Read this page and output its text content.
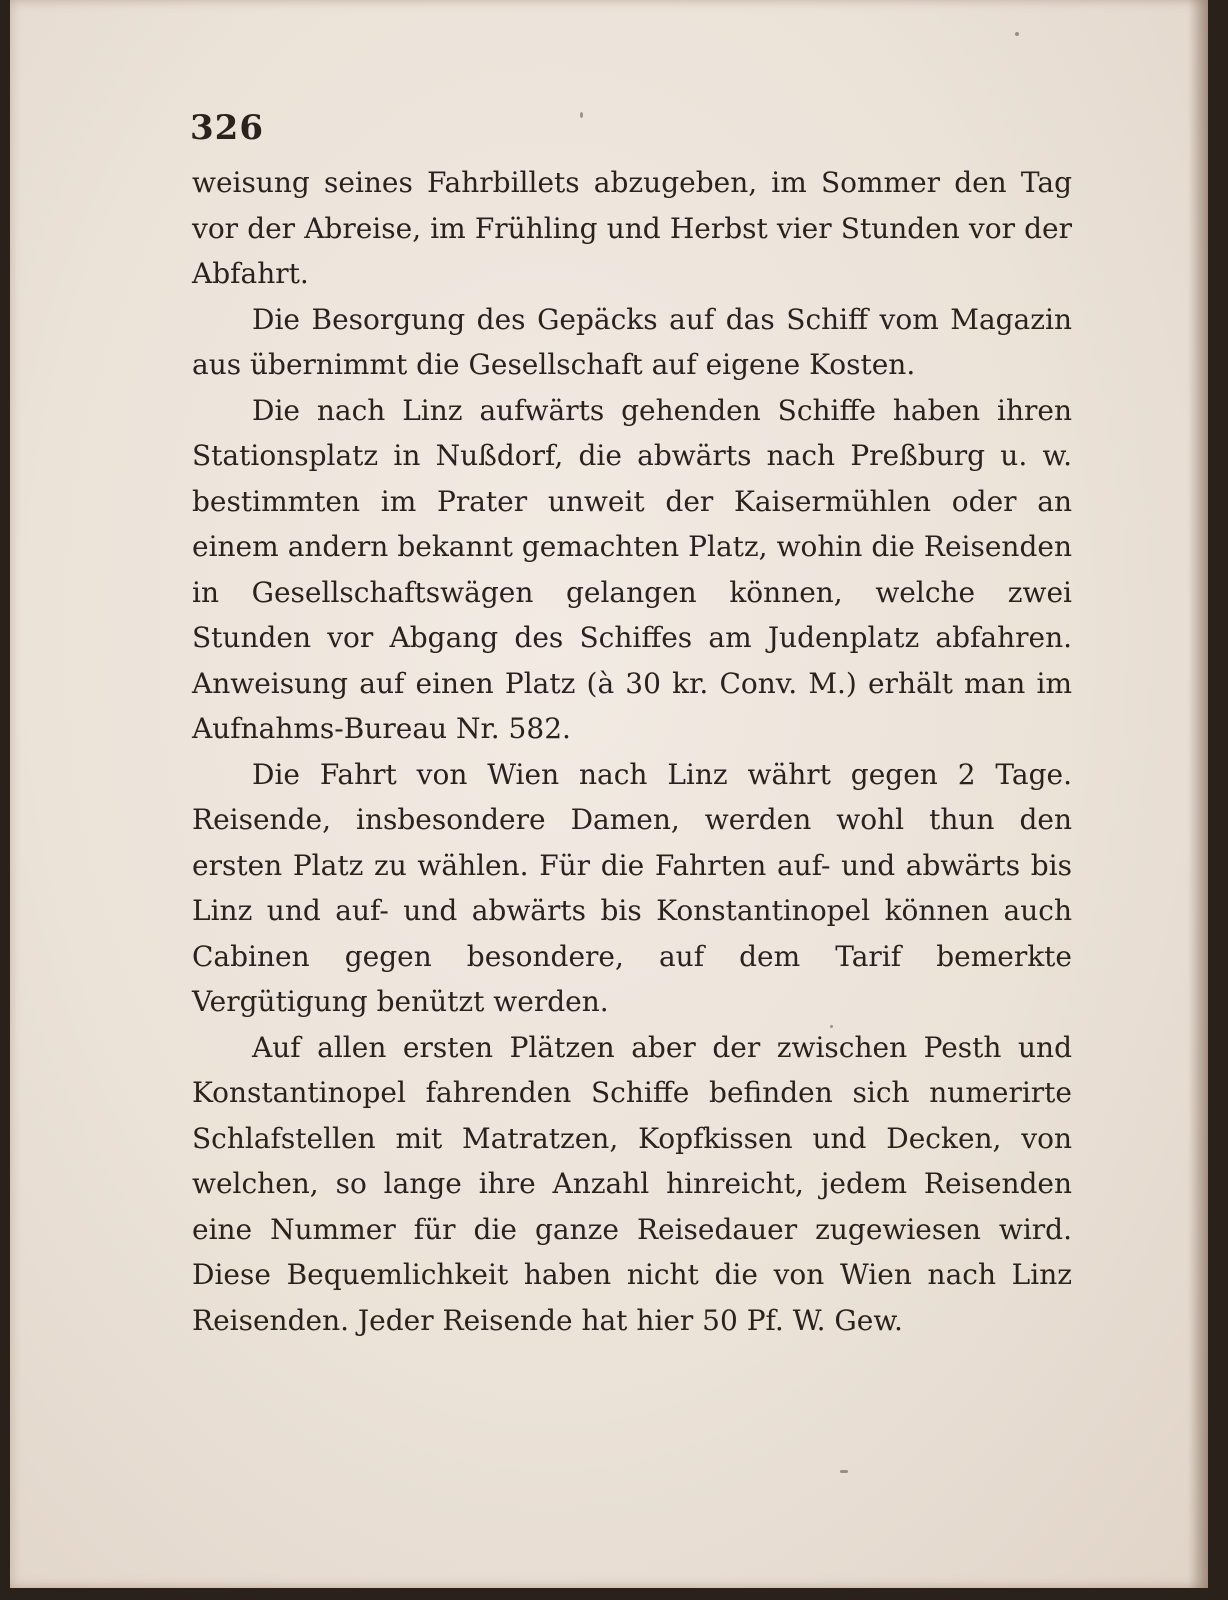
326

weisung seines Fahrbillets abzugeben, im Sommer den Tag vor der Abreise, im Frühling und Herbst vier Stunden vor der Abfahrt.

Die Besorgung des Gepäcks auf das Schiff vom Magazin aus übernimmt die Gesellschaft auf eigene Kosten.

Die nach Linz aufwärts gehenden Schiffe haben ihren Stationsplatz in Nußdorf, die abwärts nach Preßburg u. w. bestimmten im Prater unweit der Kaisermühlen oder an einem andern bekannt gemachten Platz, wohin die Reisenden in Gesellschaftswägen gelangen können, welche zwei Stunden vor Abgang des Schiffes am Judenplatz abfahren. Anweisung auf einen Platz (à 30 kr. Conv. M.) erhält man im Aufnahms-Bureau Nr. 582.

Die Fahrt von Wien nach Linz währt gegen 2 Tage. Reisende, insbesondere Damen, werden wohl thun den ersten Platz zu wählen. Für die Fahrten auf- und abwärts bis Linz und auf- und abwärts bis Konstantinopel können auch Cabinen gegen besondere, auf dem Tarif bemerkte Vergütigung benützt werden.

Auf allen ersten Plätzen aber der zwischen Pesth und Konstantinopel fahrenden Schiffe befinden sich numerirte Schlafstellen mit Matratzen, Kopfkissen und Decken, von welchen, so lange ihre Anzahl hinreicht, jedem Reisenden eine Nummer für die ganze Reisedauer zugewiesen wird. Diese Bequemlichkeit haben nicht die von Wien nach Linz Reisenden. Jeder Reisende hat hier 50 Pf. W. Gew.
